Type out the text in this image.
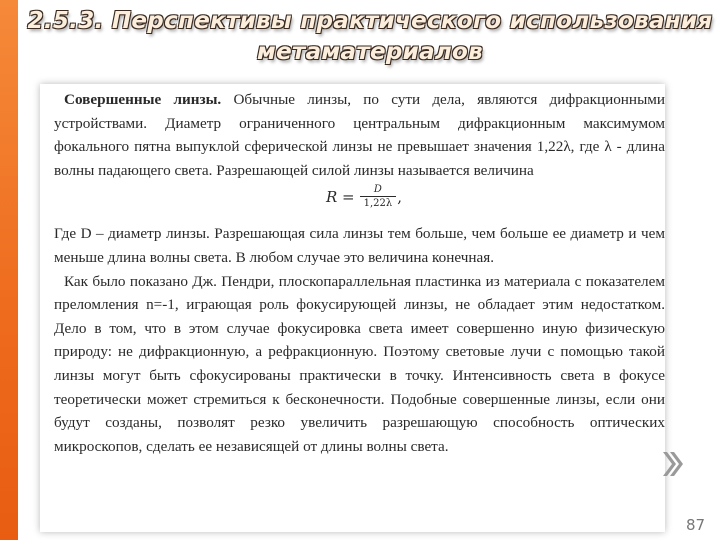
2.5.3. Перспективы практического использования
метаматериалов

Совершенные линзы. Обычные линзы, по сути дела, являются дифракционными устройствами. Диаметр ограниченного центральным дифракционным максимумом фокального пятна выпуклой сферической линзы не превышает значения 1,22λ, где λ - длина волны падающего света. Разрешающей силой линзы называется величина

$R = \frac{D}{1,22\lambda}$ ,

Где D – диаметр линзы. Разрешающая сила линзы тем больше, чем больше ее диаметр и чем меньше длина волны света. В любом случае это величина конечная.

Как было показано Дж. Пендри, плоскопараллельная пластинка из материала с показателем преломления n=-1, играющая роль фокусирующей линзы, не обладает этим недостатком. Дело в том, что в этом случае фокусировка света имеет совершенно иную физическую природу: не дифракционную, а рефракционную. Поэтому световые лучи с помощью такой линзы могут быть сфокусированы практически в точку. Интенсивность света в фокусе теоретически может стремиться к бесконечности. Подобные совершенные линзы, если они будут созданы, позволят резко увеличить разрешающую способность оптических микроскопов, сделать ее независящей от длины волны света.

87
